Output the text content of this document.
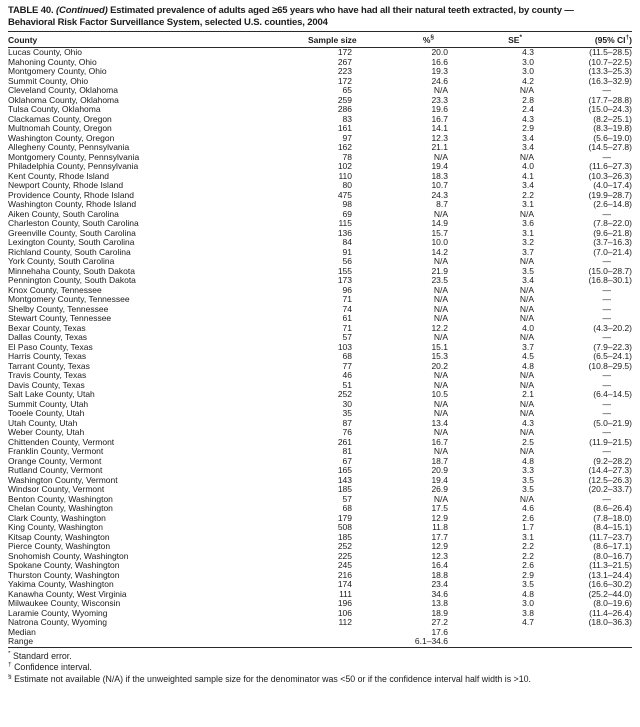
TABLE 40. (Continued) Estimated prevalence of adults aged ≥65 years who have had all their natural teeth extracted, by county —
Behavioral Risk Factor Surveillance System, selected U.S. counties, 2004
County	Sample size	%§	SE*	(95% CI†)
Lucas County, Ohio	172	20.0	4.3	(11.5–28.5)
Mahoning County, Ohio	267	16.6	3.0	(10.7–22.5)
Montgomery County, Ohio	223	19.3	3.0	(13.3–25.3)
Summit County, Ohio	172	24.6	4.2	(16.3–32.9)
Cleveland County, Oklahoma	65	N/A	N/A	—
Oklahoma County, Oklahoma	259	23.3	2.8	(17.7–28.8)
Tulsa County, Oklahoma	286	19.6	2.4	(15.0–24.3)
Clackamas County, Oregon	83	16.7	4.3	(8.2–25.1)
Multnomah County, Oregon	161	14.1	2.9	(8.3–19.8)
Washington County, Oregon	97	12.3	3.4	(5.6–19.0)
Allegheny County, Pennsylvania	162	21.1	3.4	(14.5–27.8)
Montgomery County, Pennsylvania	78	N/A	N/A	—
Philadelphia County, Pennsylvania	102	19.4	4.0	(11.6–27.3)
Kent County, Rhode Island	110	18.3	4.1	(10.3–26.3)
Newport County, Rhode Island	80	10.7	3.4	(4.0–17.4)
Providence County, Rhode Island	475	24.3	2.2	(19.9–28.7)
Washington County, Rhode Island	98	8.7	3.1	(2.6–14.8)
Aiken County, South Carolina	69	N/A	N/A	—
Charleston County, South Carolina	115	14.9	3.6	(7.8–22.0)
Greenville County, South Carolina	136	15.7	3.1	(9.6–21.8)
Lexington County, South Carolina	84	10.0	3.2	(3.7–16.3)
Richland County, South Carolina	91	14.2	3.7	(7.0–21.4)
York County, South Carolina	56	N/A	N/A	—
Minnehaha County, South Dakota	155	21.9	3.5	(15.0–28.7)
Pennington County, South Dakota	173	23.5	3.4	(16.8–30.1)
Knox County, Tennessee	96	N/A	N/A	—
Montgomery County, Tennessee	71	N/A	N/A	—
Shelby County, Tennessee	74	N/A	N/A	—
Stewart County, Tennessee	61	N/A	N/A	—
Bexar County, Texas	71	12.2	4.0	(4.3–20.2)
Dallas County, Texas	57	N/A	N/A	—
El Paso County, Texas	103	15.1	3.7	(7.9–22.3)
Harris County, Texas	68	15.3	4.5	(6.5–24.1)
Tarrant County, Texas	77	20.2	4.8	(10.8–29.5)
Travis County, Texas	46	N/A	N/A	—
Davis County, Texas	51	N/A	N/A	—
Salt Lake County, Utah	252	10.5	2.1	(6.4–14.5)
Summit County, Utah	30	N/A	N/A	—
Tooele County, Utah	35	N/A	N/A	—
Utah County, Utah	87	13.4	4.3	(5.0–21.9)
Weber County, Utah	76	N/A	N/A	—
Chittenden County, Vermont	261	16.7	2.5	(11.9–21.5)
Franklin County, Vermont	81	N/A	N/A	—
Orange County, Vermont	67	18.7	4.8	(9.2–28.2)
Rutland County, Vermont	165	20.9	3.3	(14.4–27.3)
Washington County, Vermont	143	19.4	3.5	(12.5–26.3)
Windsor County, Vermont	185	26.9	3.5	(20.2–33.7)
Benton County, Washington	57	N/A	N/A	—
Chelan County, Washington	68	17.5	4.6	(8.6–26.4)
Clark County, Washington	179	12.9	2.6	(7.8–18.0)
King County, Washington	508	11.8	1.7	(8.4–15.1)
Kitsap County, Washington	185	17.7	3.1	(11.7–23.7)
Pierce County, Washington	252	12.9	2.2	(8.6–17.1)
Snohomish County, Washington	225	12.3	2.2	(8.0–16.7)
Spokane County, Washington	245	16.4	2.6	(11.3–21.5)
Thurston County, Washington	216	18.8	2.9	(13.1–24.4)
Yakima County, Washington	174	23.4	3.5	(16.6–30.2)
Kanawha County, West Virginia	111	34.6	4.8	(25.2–44.0)
Milwaukee County, Wisconsin	196	13.8	3.0	(8.0–19.6)
Laramie County, Wyoming	106	18.9	3.8	(11.4–26.4)
Natrona County, Wyoming	112	27.2	4.7	(18.0–36.3)
Median		17.6		
Range		6.1–34.6		
* Standard error.
† Confidence interval.
§ Estimate not available (N/A) if the unweighted sample size for the denominator was <50 or if the confidence interval half width is >10.
